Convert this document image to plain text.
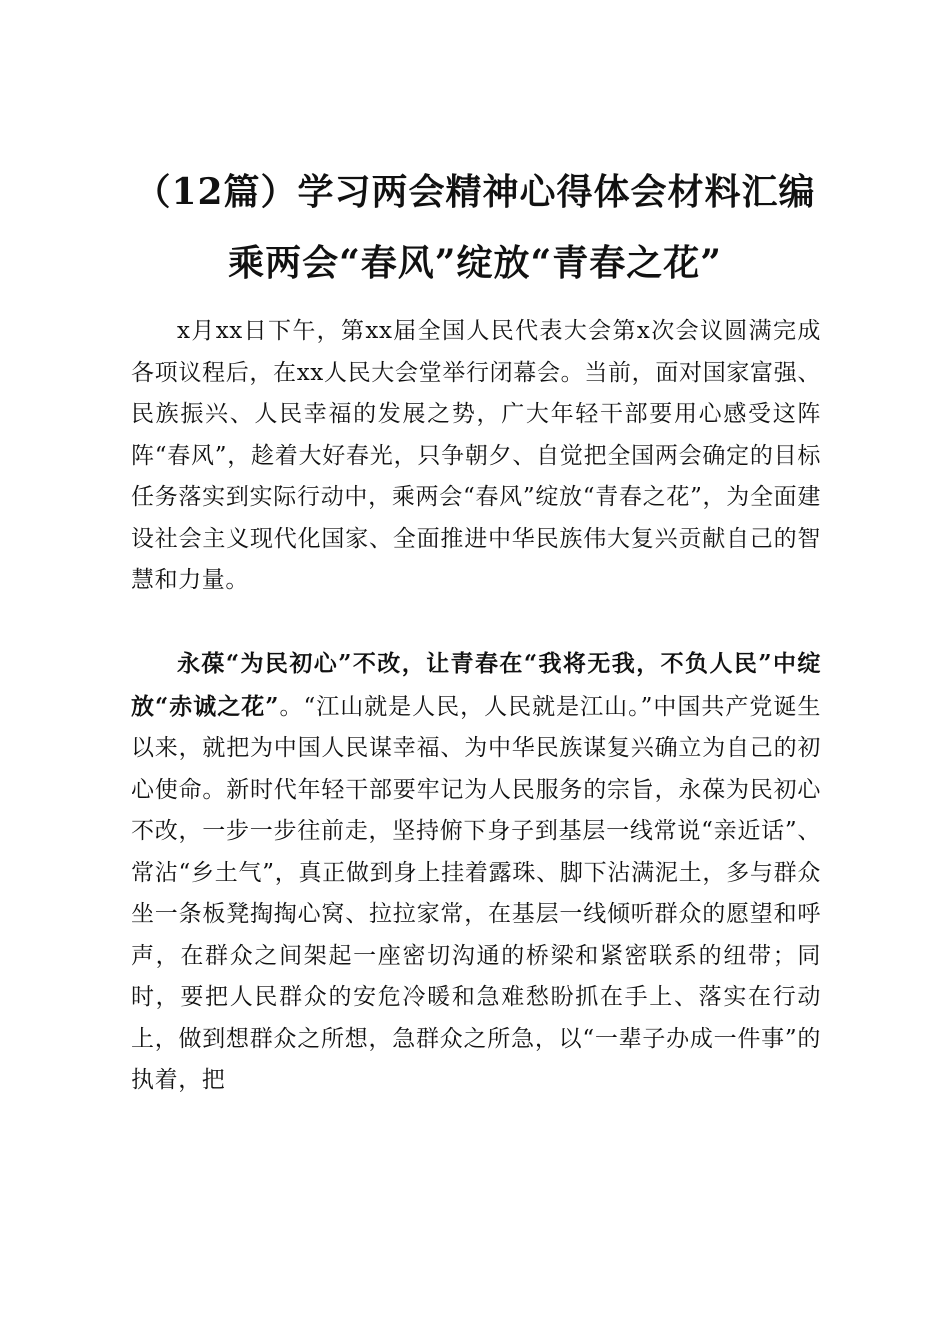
（12篇）学习两会精神心得体会材料汇编
乘两会“春风”绽放“青春之花”

x月xx日下午，第xx届全国人民代表大会第x次会议圆满完成各项议程后，在xx人民大会堂举行闭幕会。当前，面对国家富强、民族振兴、人民幸福的发展之势，广大年轻干部要用心感受这阵阵“春风”，趁着大好春光，只争朝夕、自觉把全国两会确定的目标任务落实到实际行动中，乘两会“春风”绽放“青春之花”，为全面建设社会主义现代化国家、全面推进中华民族伟大复兴贡献自己的智慧和力量。

永葆“为民初心”不改，让青春在“我将无我，不负人民”中绽放“赤诚之花”。“江山就是人民，人民就是江山。”中国共产党诞生以来，就把为中国人民谋幸福、为中华民族谋复兴确立为自己的初心使命。新时代年轻干部要牢记为人民服务的宗旨，永葆为民初心不改，一步一步往前走，坚持俯下身子到基层一线常说“亲近话”、常沾“乡土气”，真正做到身上挂着露珠、脚下沾满泥土，多与群众坐一条板凳掏掏心窝、拉拉家常，在基层一线倾听群众的愿望和呼声，在群众之间架起一座密切沟通的桥梁和紧密联系的纽带；同时，要把人民群众的安危冷暖和急难愁盼抓在手上、落实在行动上，做到想群众之所想，急群众之所急，以“一辈子办成一件事”的执着，把
